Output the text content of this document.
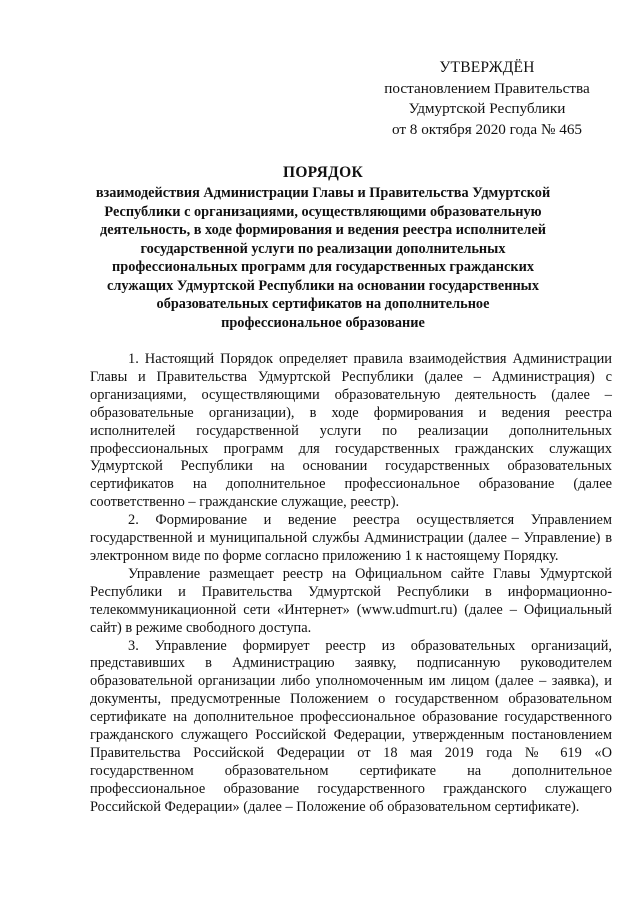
УТВЕРЖДЁН
постановлением Правительства
Удмуртской Республики
от 8 октября 2020 года № 465
ПОРЯДОК
взаимодействия Администрации Главы и Правительства Удмуртской Республики с организациями, осуществляющими образовательную деятельность, в ходе формирования и ведения реестра исполнителей государственной услуги по реализации дополнительных профессиональных программ для государственных гражданских служащих Удмуртской Республики на основании государственных образовательных сертификатов на дополнительное профессиональное образование

1. Настоящий Порядок определяет правила взаимодействия Администрации Главы и Правительства Удмуртской Республики (далее – Администрация) с организациями, осуществляющими образовательную деятельность (далее – образовательные организации), в ходе формирования и ведения реестра исполнителей государственной услуги по реализации дополнительных профессиональных программ для государственных гражданских служащих Удмуртской Республики на основании государственных образовательных сертификатов на дополнительное профессиональное образование (далее соответственно – гражданские служащие, реестр).

2. Формирование и ведение реестра осуществляется Управлением государственной и муниципальной службы Администрации (далее – Управление) в электронном виде по форме согласно приложению 1 к настоящему Порядку.

Управление размещает реестр на Официальном сайте Главы Удмуртской Республики и Правительства Удмуртской Республики в информационно-телекоммуникационной сети «Интернет» (www.udmurt.ru) (далее – Официальный сайт) в режиме свободного доступа.

3. Управление формирует реестр из образовательных организаций, представивших в Администрацию заявку, подписанную руководителем образовательной организации либо уполномоченным им лицом (далее – заявка), и документы, предусмотренные Положением о государственном образовательном сертификате на дополнительное профессиональное образование государственного гражданского служащего Российской Федерации, утвержденным постановлением Правительства Российской Федерации от 18 мая 2019 года № 619 «О государственном образовательном сертификате на дополнительное профессиональное образование государственного гражданского служащего Российской Федерации» (далее – Положение об образовательном сертификате).
